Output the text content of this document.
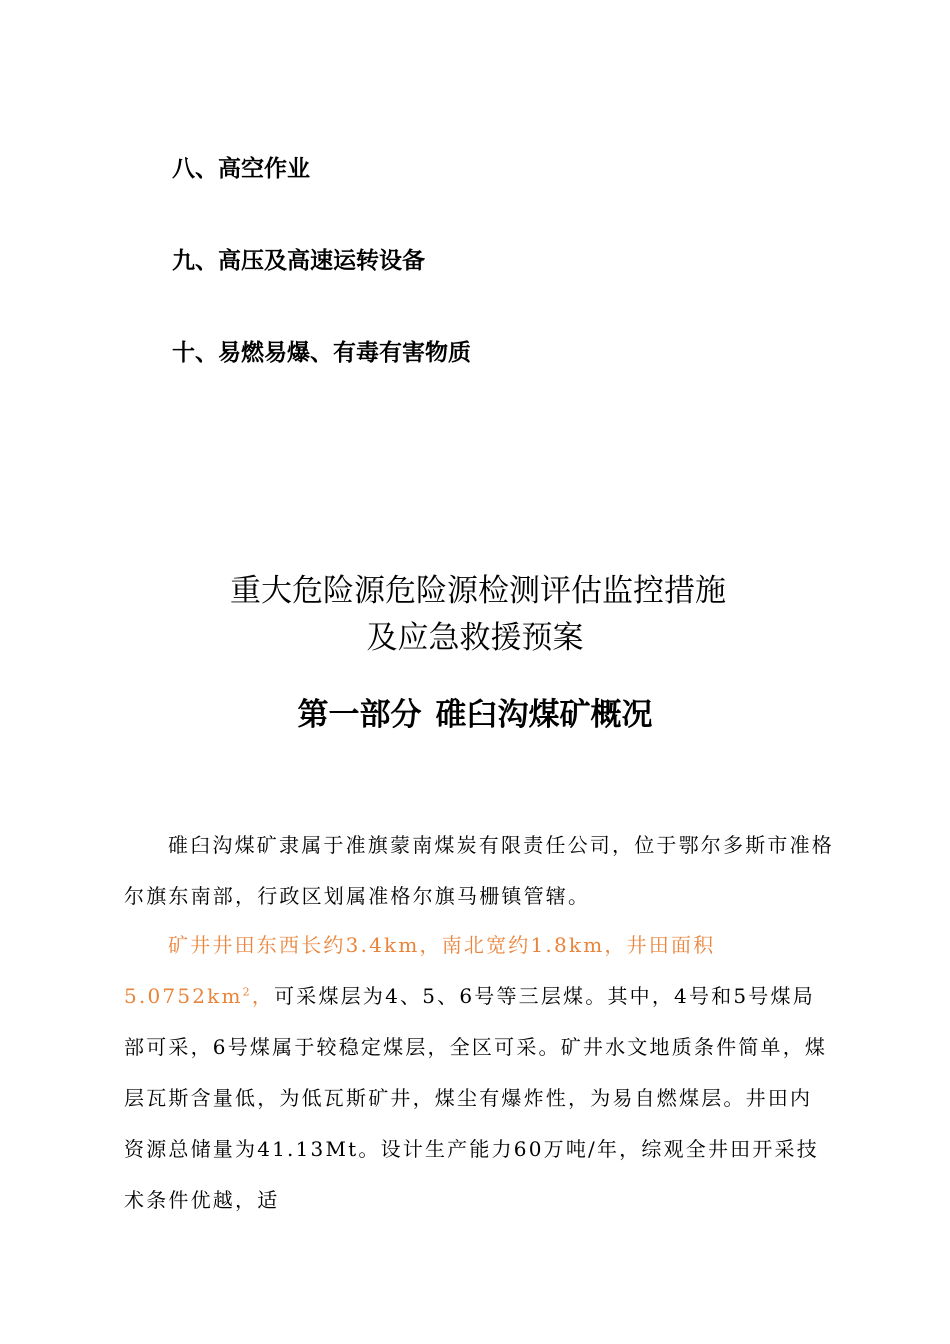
八、高空作业

九、高压及高速运转设备

十、易燃易爆、有毒有害物质

重大危险源危险源检测评估监控措施
及应急救援预案
第一部分 碓臼沟煤矿概况

碓臼沟煤矿隶属于准旗蒙南煤炭有限责任公司，位于鄂尔多斯市准格尔旗东南部，行政区划属准格尔旗马栅镇管辖。

矿井井田东西长约3.4km，南北宽约1.8km，井田面积$5.0752km^2$，可采煤层为4、5、6号等三层煤。其中，4号和5号煤局部可采，6号煤属于较稳定煤层，全区可采。矿井水文地质条件简单，煤层瓦斯含量低，为低瓦斯矿井，煤尘有爆炸性，为易自燃煤层。井田内资源总储量为41.13Mt。设计生产能力60万吨/年，综观全井田开采技术条件优越，适
